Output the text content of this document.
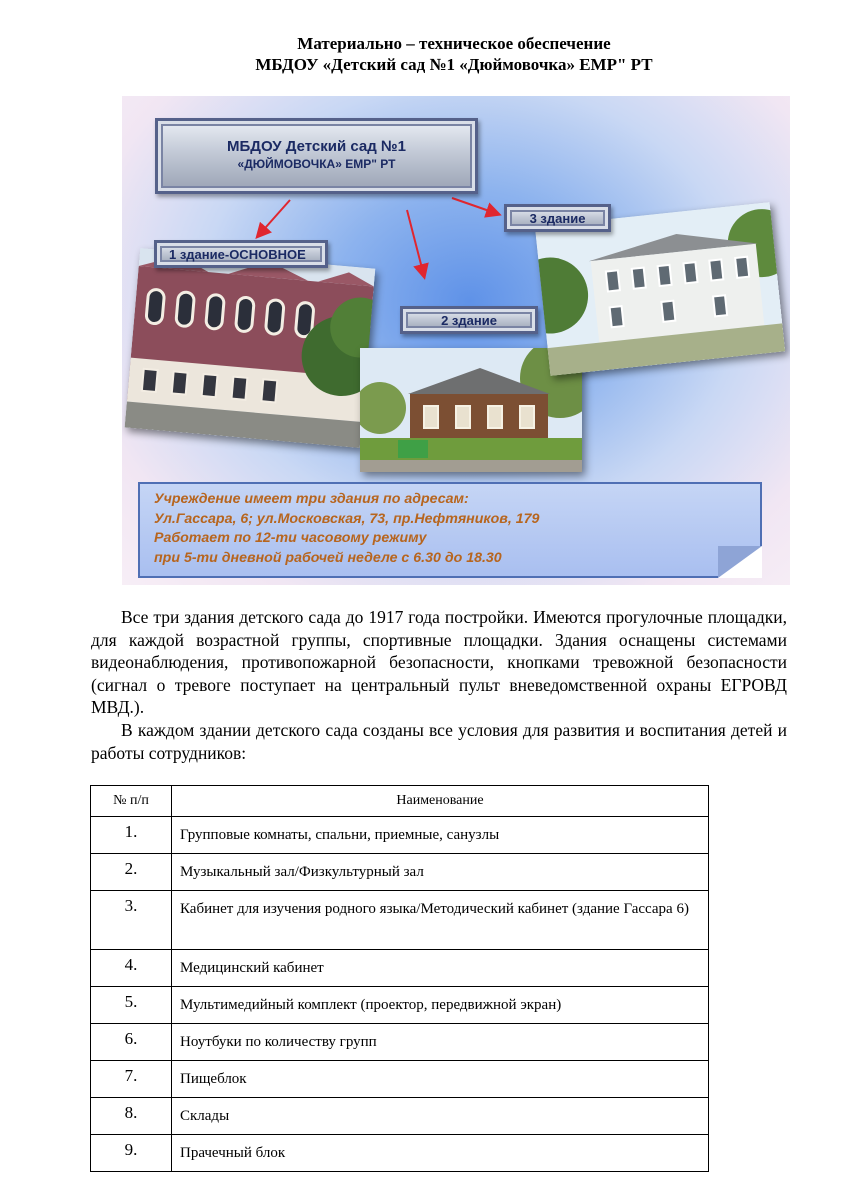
Материально – техническое обеспечение
МБДОУ «Детский сад №1 «Дюймовочка» ЕМР" РТ
МБДОУ Детский сад №1
«ДЮЙМОВОЧКА» ЕМР" РТ
1 здание-ОСНОВНОЕ
2 здание
3 здание
Учреждение имеет три здания по адресам:
Ул.Гассара, 6; ул.Московская, 73, пр.Нефтяников, 179
Работает по 12-ти часовому режиму
при 5-ти дневной рабочей неделе с 6.30 до 18.30
Все три здания детского сада до 1917 года постройки. Имеются прогулочные площадки, для каждой возрастной группы, спортивные площадки. Здания оснащены системами видеонаблюдения, противопожарной безопасности, кнопками тревожной безопасности (сигнал о тревоге поступает на центральный пульт вневедомственной охраны ЕГРОВД МВД.).
В каждом здании детского сада созданы все условия для развития и воспитания детей и работы сотрудников:
№ п/п	Наименование
1.	Групповые комнаты, спальни, приемные, санузлы
2.	Музыкальный зал/Физкультурный зал
3.	Кабинет для изучения родного языка/Методический кабинет (здание Гассара 6)
4.	Медицинский кабинет
5.	Мультимедийный комплект (проектор, передвижной экран)
6.	Ноутбуки по количеству групп
7.	Пищеблок
8.	Склады
9.	Прачечный блок
